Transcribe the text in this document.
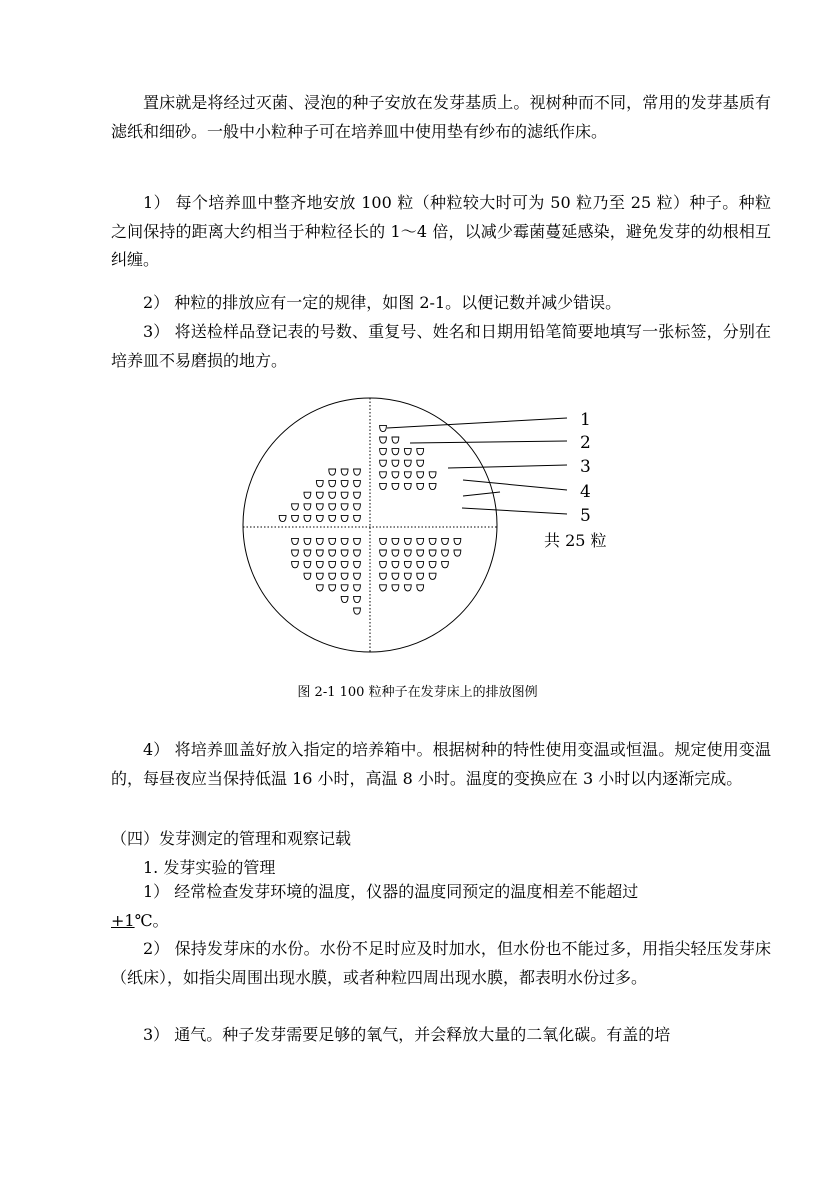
置床就是将经过灭菌、浸泡的种子安放在发芽基质上。视树种而不同，常用的发芽基质有滤纸和细砂。一般中小粒种子可在培养皿中使用垫有纱布的滤纸作床。

1） 每个培养皿中整齐地安放 100 粒（种粒较大时可为 50 粒乃至 25 粒）种子。种粒之间保持的距离大约相当于种粒径长的 1～4 倍，以减少霉菌蔓延感染，避免发芽的幼根相互纠缠。

2） 种粒的排放应有一定的规律，如图 2-1。以便记数并减少错误。

3） 将送检样品登记表的号数、重复号、姓名和日期用铅笔简要地填写一张标签，分别在培养皿不易磨损的地方。

1
2
3
4
5
共 25 粒
图 2-1 100 粒种子在发芽床上的排放图例

4） 将培养皿盖好放入指定的培养箱中。根据树种的特性使用变温或恒温。规定使用变温的，每昼夜应当保持低温 16 小时，高温 8 小时。温度的变换应在 3 小时以内逐渐完成。

（四）发芽测定的管理和观察记载

1. 发芽实验的管理

1） 经常检查发芽环境的温度，仪器的温度同预定的温度相差不能超过
+1℃。

2） 保持发芽床的水份。水份不足时应及时加水，但水份也不能过多，用指尖轻压发芽床（纸床），如指尖周围出现水膜，或者种粒四周出现水膜，都表明水份过多。

3） 通气。种子发芽需要足够的氧气，并会释放大量的二氧化碳。有盖的培
